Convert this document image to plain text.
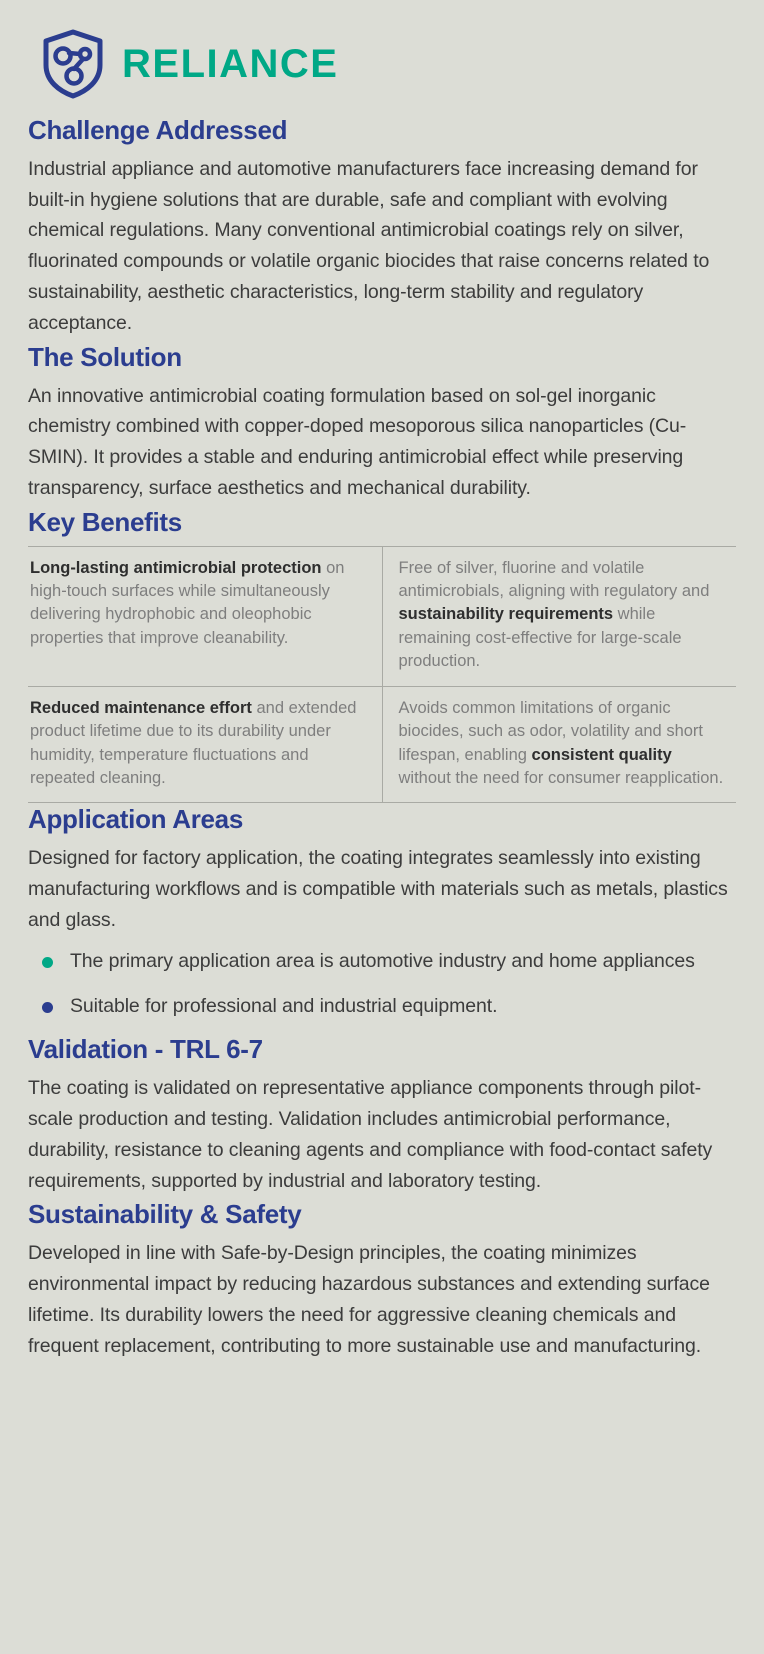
RELIANCE
Challenge Addressed

Industrial appliance and automotive manufacturers face increasing demand for built-in hygiene solutions that are durable, safe and compliant with evolving chemical regulations. Many conventional antimicrobial coatings rely on silver, fluorinated compounds or volatile organic biocides that raise concerns related to sustainability, aesthetic characteristics, long-term stability and regulatory acceptance.

The Solution

An innovative antimicrobial coating formulation based on sol-gel inorganic chemistry combined with copper-doped mesoporous silica nanoparticles (Cu-SMIN). It provides a stable and enduring antimicrobial effect while preserving transparency, surface aesthetics and mechanical durability.

Key Benefits
Long-lasting antimicrobial protection on high-touch surfaces while simultaneously delivering hydrophobic and oleophobic properties that improve cleanability.	Free of silver, fluorine and volatile antimicrobials, aligning with regulatory and sustainability requirements while remaining cost-effective for large-scale production.
Reduced maintenance effort and extended product lifetime due to its durability under humidity, temperature fluctuations and repeated cleaning.	Avoids common limitations of organic biocides, such as odor, volatility and short lifespan, enabling consistent quality without the need for consumer reapplication.
Application Areas

Designed for factory application, the coating integrates seamlessly into existing manufacturing workflows and is compatible with materials such as metals, plastics and glass.

The primary application area is automotive industry and home appliances
Suitable for professional and industrial equipment.
Validation - TRL 6-7

The coating is validated on representative appliance components through pilot-scale production and testing. Validation includes antimicrobial performance, durability, resistance to cleaning agents and compliance with food-contact safety requirements, supported by industrial and laboratory testing.

Sustainability & Safety

Developed in line with Safe-by-Design principles, the coating minimizes environmental impact by reducing hazardous substances and extending surface lifetime. Its durability lowers the need for aggressive cleaning chemicals and frequent replacement, contributing to more sustainable use and manufacturing.
